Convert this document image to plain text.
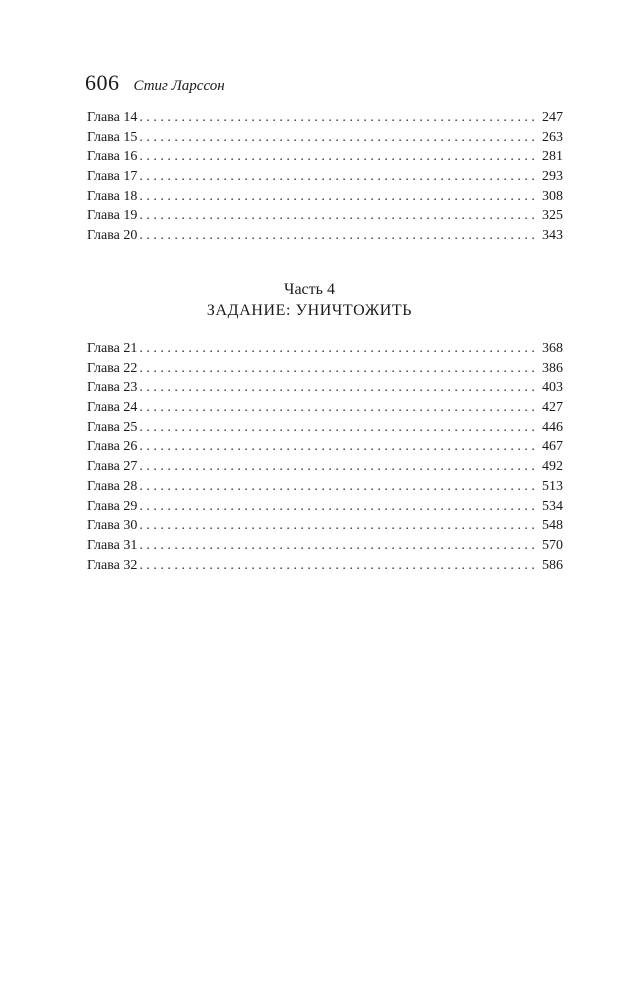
606 Стиг Ларссон
Глава 14 . . .	247
Глава 15 . . .	263
Глава 16 . . .	281
Глава 17 . . .	293
Глава 18 . . .	308
Глава 19 . . .	325
Глава 20 . . .	343
Часть 4
ЗАДАНИЕ: УНИЧТОЖИТЬ
Глава 21 . . .	368
Глава 22 . . .	386
Глава 23 . . .	403
Глава 24 . . .	427
Глава 25 . . .	446
Глава 26 . . .	467
Глава 27 . . .	492
Глава 28 . . .	513
Глава 29 . . .	534
Глава 30 . . .	548
Глава 31 . . .	570
Глава 32 . . .	586
